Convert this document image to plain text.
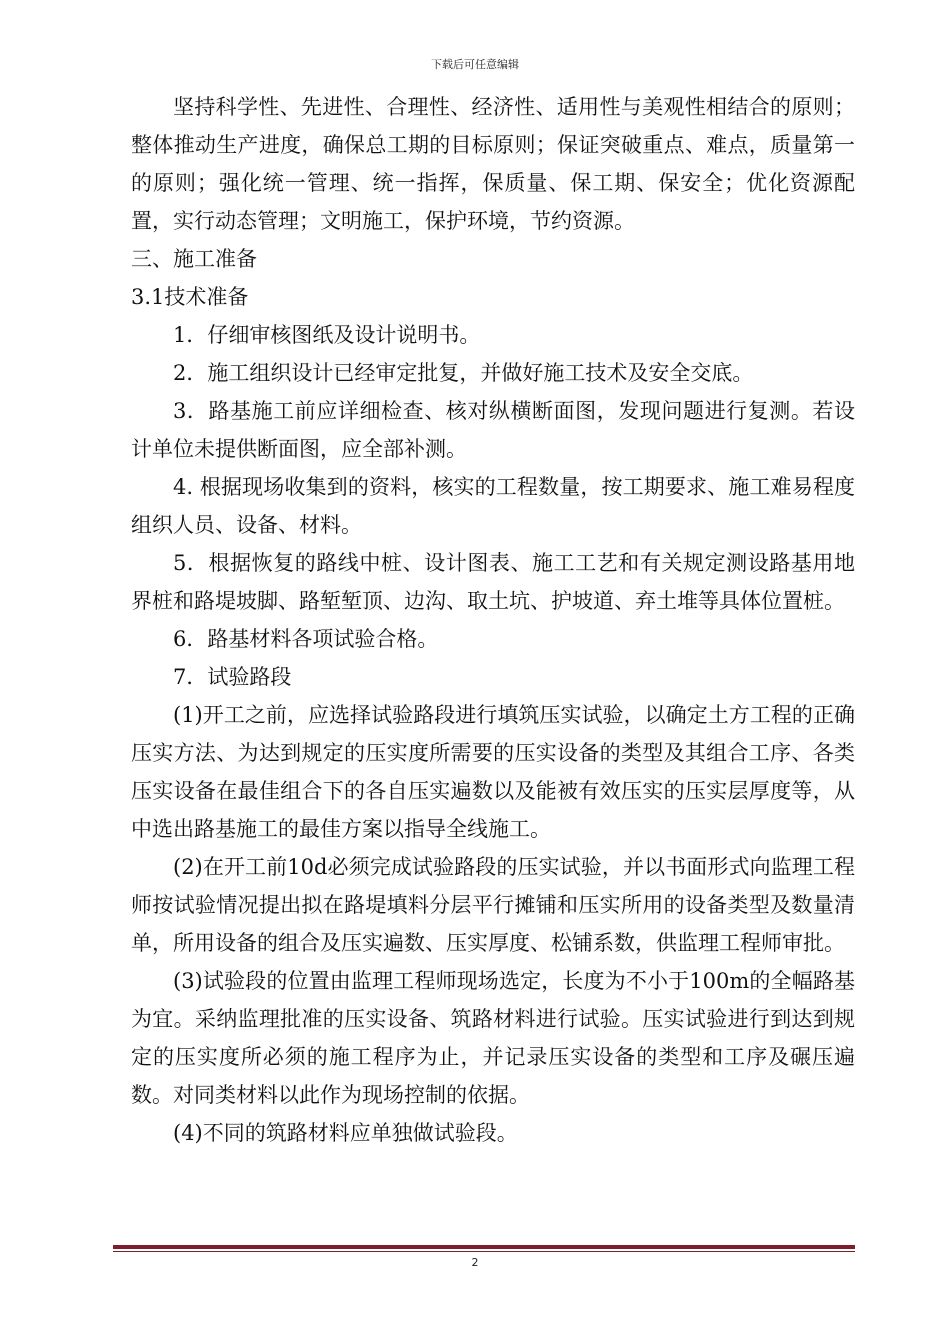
下载后可任意编辑

坚持科学性、先进性、合理性、经济性、适用性与美观性相结合的原则；整体推动生产进度，确保总工期的目标原则；保证突破重点、难点，质量第一的原则；强化统一管理、统一指挥，保质量、保工期、保安全；优化资源配置，实行动态管理；文明施工，保护环境，节约资源。

三、施工准备

3.1技术准备

1．仔细审核图纸及设计说明书。

2．施工组织设计已经审定批复，并做好施工技术及安全交底。

3．路基施工前应详细检查、核对纵横断面图，发现问题进行复测。若设计单位未提供断面图，应全部补测。

4. 根据现场收集到的资料，核实的工程数量，按工期要求、施工难易程度组织人员、设备、材料。

5．根据恢复的路线中桩、设计图表、施工工艺和有关规定测设路基用地界桩和路堤坡脚、路堑堑顶、边沟、取土坑、护坡道、弃土堆等具体位置桩。

6．路基材料各项试验合格。

7．试验路段

(1)开工之前，应选择试验路段进行填筑压实试验，以确定土方工程的正确压实方法、为达到规定的压实度所需要的压实设备的类型及其组合工序、各类压实设备在最佳组合下的各自压实遍数以及能被有效压实的压实层厚度等，从中选出路基施工的最佳方案以指导全线施工。

(2)在开工前10d必须完成试验路段的压实试验，并以书面形式向监理工程师按试验情况提出拟在路堤填料分层平行摊铺和压实所用的设备类型及数量清单，所用设备的组合及压实遍数、压实厚度、松铺系数，供监理工程师审批。

(3)试验段的位置由监理工程师现场选定，长度为不小于100m的全幅路基为宜。采纳监理批准的压实设备、筑路材料进行试验。压实试验进行到达到规定的压实度所必须的施工程序为止，并记录压实设备的类型和工序及碾压遍数。对同类材料以此作为现场控制的依据。

(4)不同的筑路材料应单独做试验段。

2
